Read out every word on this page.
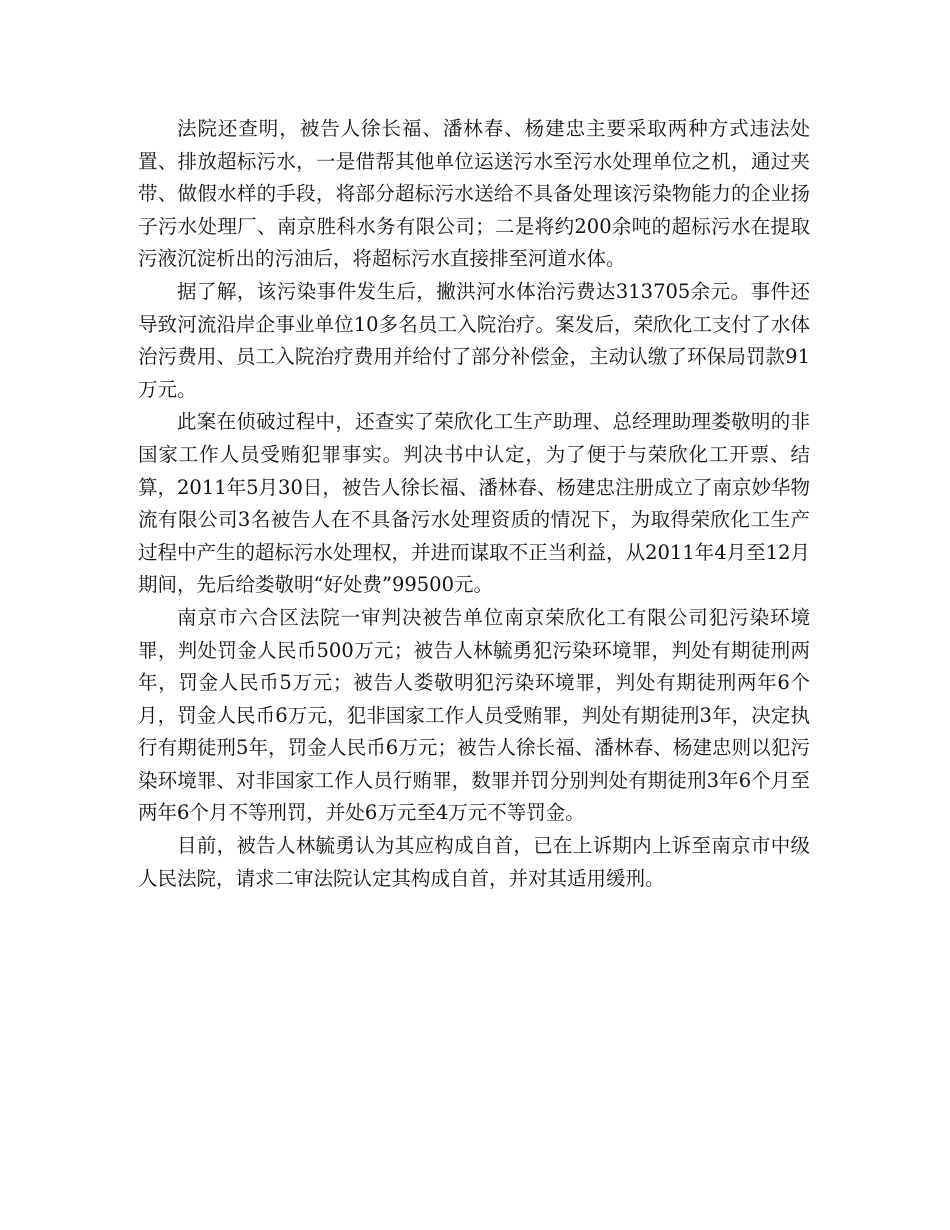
法院还查明，被告人徐长福、潘林春、杨建忠主要采取两种方式违法处置、排放超标污水，一是借帮其他单位运送污水至污水处理单位之机，通过夹带、做假水样的手段，将部分超标污水送给不具备处理该污染物能力的企业扬子污水处理厂、南京胜科水务有限公司；二是将约200余吨的超标污水在提取污液沉淀析出的污油后，将超标污水直接排至河道水体。

据了解，该污染事件发生后，撇洪河水体治污费达313705余元。事件还导致河流沿岸企事业单位10多名员工入院治疗。案发后，荣欣化工支付了水体治污费用、员工入院治疗费用并给付了部分补偿金，主动认缴了环保局罚款91万元。

此案在侦破过程中，还查实了荣欣化工生产助理、总经理助理娄敬明的非国家工作人员受贿犯罪事实。判决书中认定，为了便于与荣欣化工开票、结算，2011年5月30日，被告人徐长福、潘林春、杨建忠注册成立了南京妙华物流有限公司3名被告人在不具备污水处理资质的情况下，为取得荣欣化工生产过程中产生的超标污水处理权，并进而谋取不正当利益，从2011年4月至12月期间，先后给娄敬明“好处费”99500元。

南京市六合区法院一审判决被告单位南京荣欣化工有限公司犯污染环境罪，判处罚金人民币500万元；被告人林毓勇犯污染环境罪，判处有期徒刑两年，罚金人民币5万元；被告人娄敬明犯污染环境罪，判处有期徒刑两年6个月，罚金人民币6万元，犯非国家工作人员受贿罪，判处有期徒刑3年，决定执行有期徒刑5年，罚金人民币6万元；被告人徐长福、潘林春、杨建忠则以犯污染环境罪、对非国家工作人员行贿罪，数罪并罚分别判处有期徒刑3年6个月至两年6个月不等刑罚，并处6万元至4万元不等罚金。

目前，被告人林毓勇认为其应构成自首，已在上诉期内上诉至南京市中级人民法院，请求二审法院认定其构成自首，并对其适用缓刑。
